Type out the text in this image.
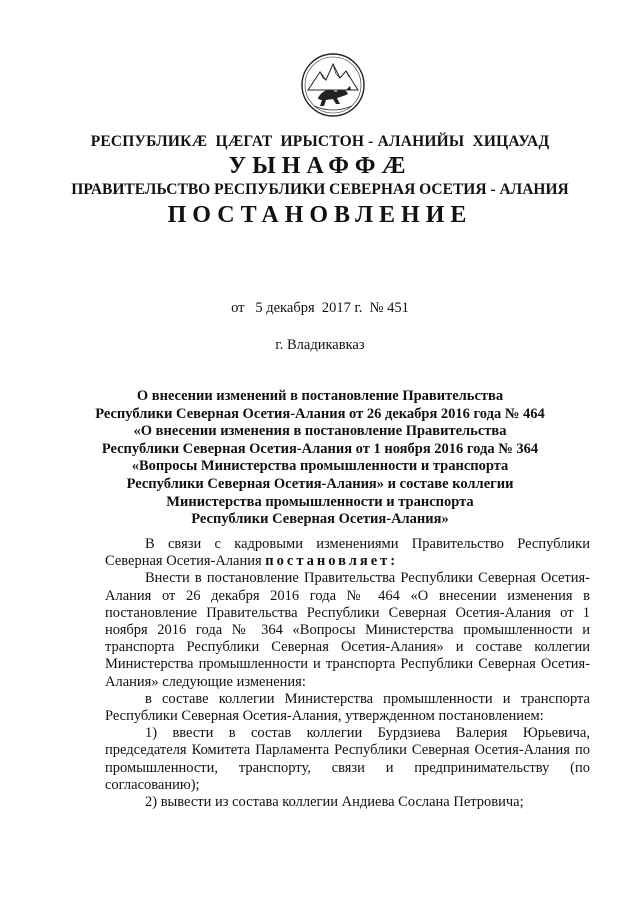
РЕСПУБЛИКӔ  ЦӔГАТ  ИРЫСТОН - АЛАНИЙЫ  ХИЦАУАД
УЫНАФФӔ
ПРАВИТЕЛЬСТВО РЕСПУБЛИКИ СЕВЕРНАЯ ОСЕТИЯ - АЛАНИЯ
ПОСТАНОВЛЕНИЕ
от   5 декабря  2017 г.  № 451
г. Владикавказ
О внесении изменений в постановление Правительства
Республики Северная Осетия-Алания от 26 декабря 2016 года № 464
«О внесении изменения в постановление Правительства
Республики Северная Осетия-Алания от 1 ноября 2016 года № 364
«Вопросы Министерства промышленности и транспорта
Республики Северная Осетия-Алания» и составе коллегии
Министерства промышленности и транспорта
Республики Северная Осетия-Алания»

В связи с кадровыми изменениями Правительство Республики Северная Осетия-Алания постановляет:

Внести в постановление Правительства Республики Северная Осетия-Алания от 26 декабря 2016 года № 464 «О внесении изменения в постановление Правительства Республики Северная Осетия-Алания от 1 ноября 2016 года № 364 «Вопросы Министерства промышленности и транспорта Республики Северная Осетия-Алания» и составе коллегии Министерства промышленности и транспорта Республики Северная Осетия-Алания» следующие изменения:

в составе коллегии Министерства промышленности и транспорта Республики Северная Осетия-Алания, утвержденном постановлением:

1) ввести в состав коллегии Бурдзиева Валерия Юрьевича, председателя Комитета Парламента Республики Северная Осетия-Алания по промышленности, транспорту, связи и предпринимательству (по согласованию);

2) вывести из состава коллегии Андиева Сослана Петровича;
